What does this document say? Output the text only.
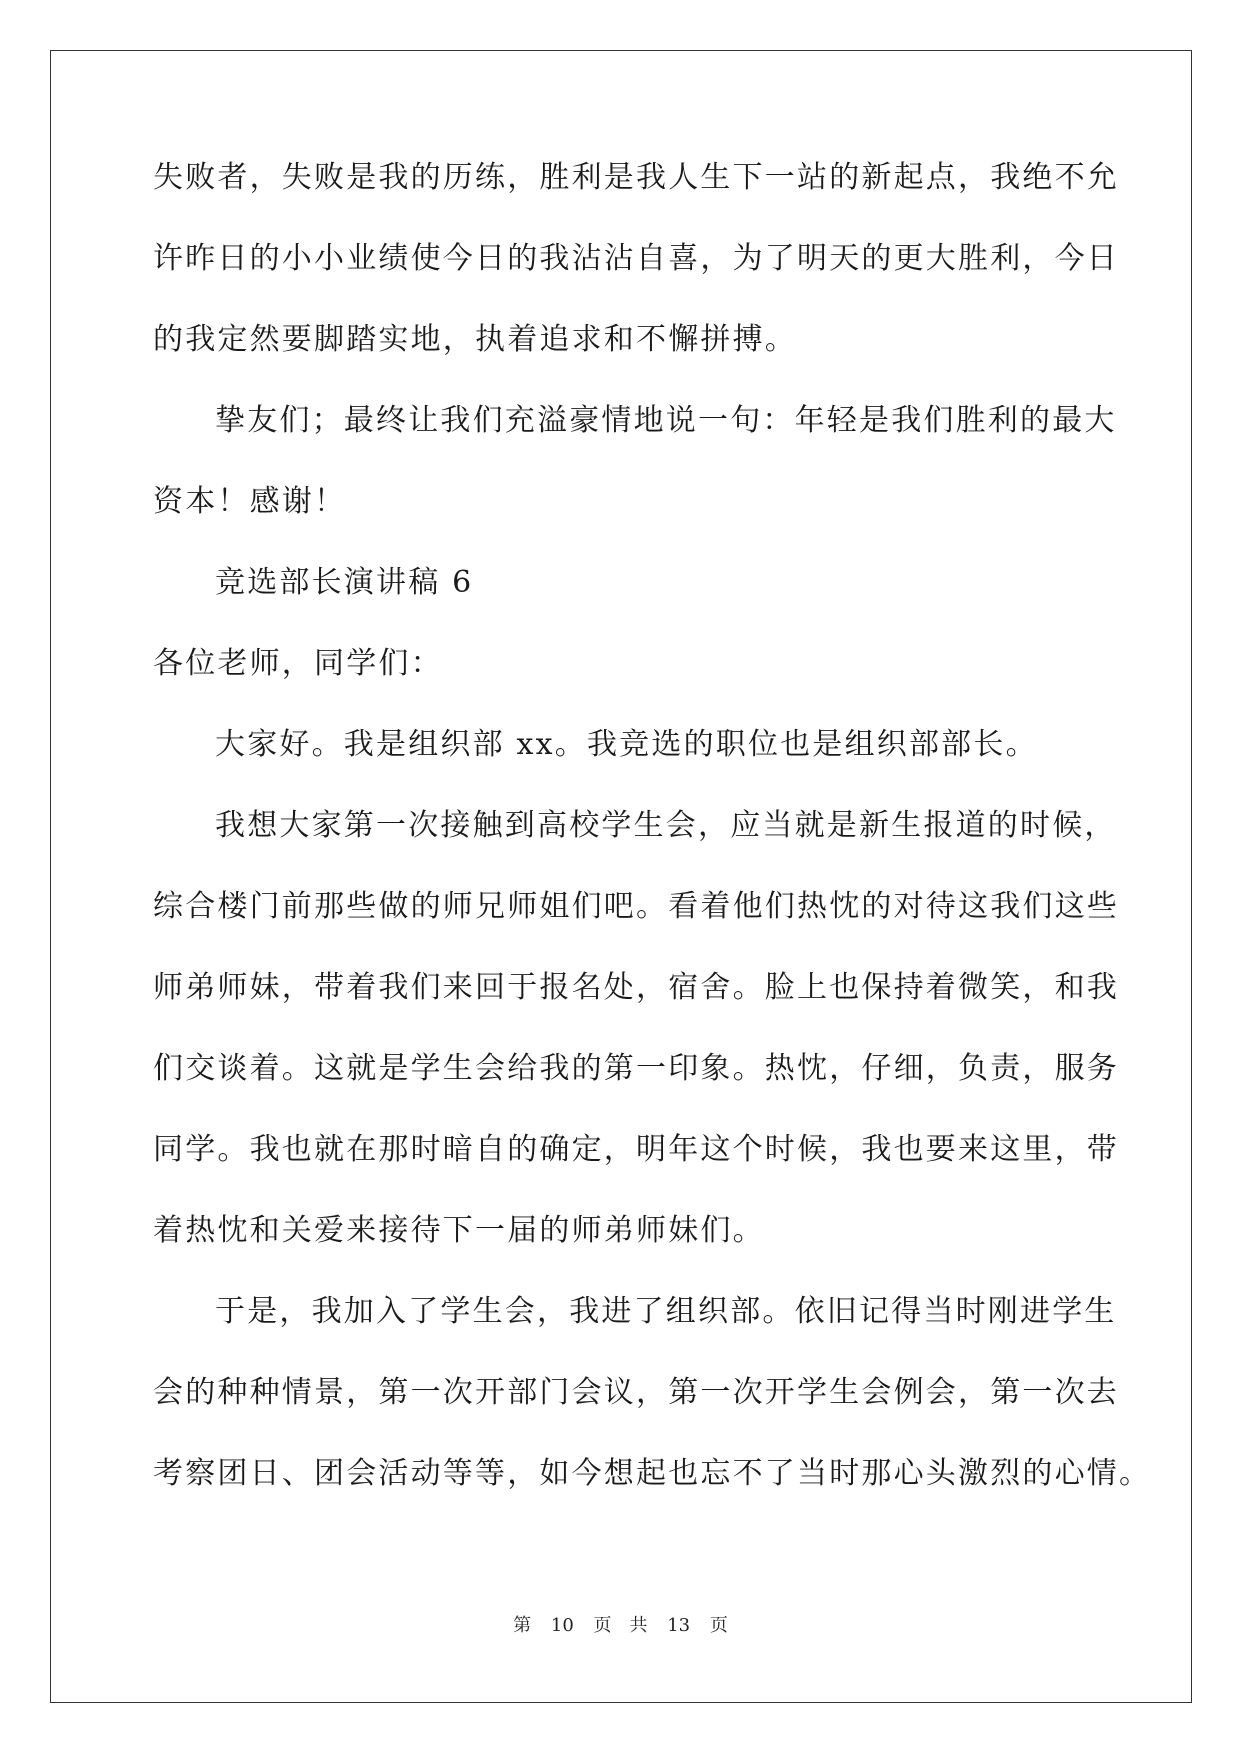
失败者，失败是我的历练，胜利是我人生下一站的新起点，我绝不允
许昨日的小小业绩使今日的我沾沾自喜，为了明天的更大胜利，今日
的我定然要脚踏实地，执着追求和不懈拼搏。
挚友们；最终让我们充溢豪情地说一句：年轻是我们胜利的最大
资本！感谢！
竞选部长演讲稿 6
各位老师，同学们：
大家好。我是组织部 xx。我竞选的职位也是组织部部长。
我想大家第一次接触到高校学生会，应当就是新生报道的时候，
综合楼门前那些做的师兄师姐们吧。看着他们热忱的对待这我们这些
师弟师妹，带着我们来回于报名处，宿舍。脸上也保持着微笑，和我
们交谈着。这就是学生会给我的第一印象。热忱，仔细，负责，服务
同学。我也就在那时暗自的确定，明年这个时候，我也要来这里，带
着热忱和关爱来接待下一届的师弟师妹们。
于是，我加入了学生会，我进了组织部。依旧记得当时刚进学生
会的种种情景，第一次开部门会议，第一次开学生会例会，第一次去
考察团日、团会活动等等，如今想起也忘不了当时那心头激烈的心情。
第 10 页　共 13 页
